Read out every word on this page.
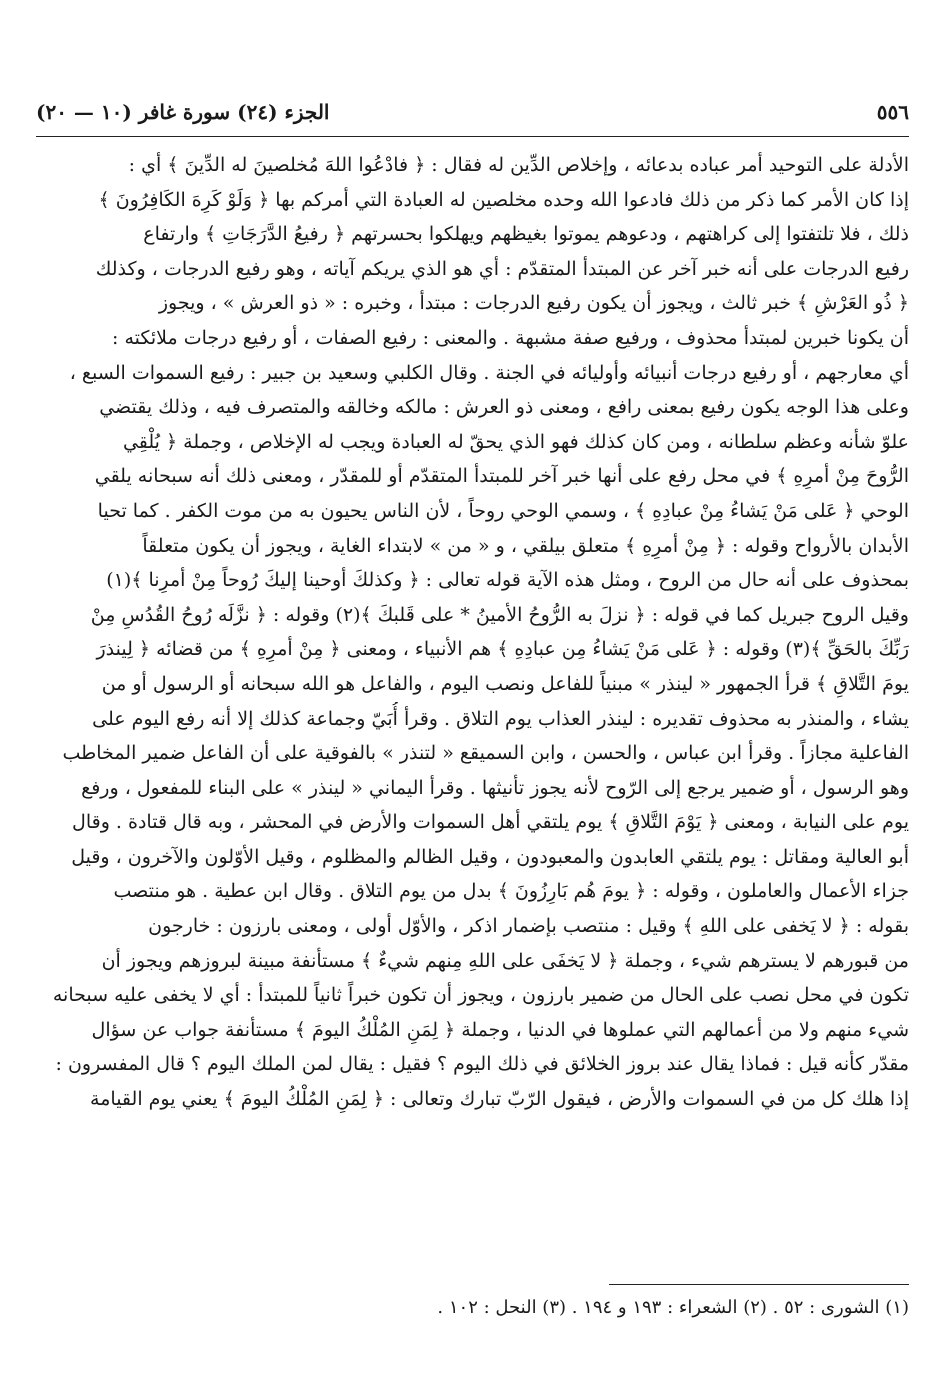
٥٥٦
الجزء (٢٤) سورة غافر (١٠ — ٢٠)
الأدلة على التوحيد أمر عباده بدعائه ، وإخلاص الدِّين له فقال : ﴿ فادْعُوا اللهَ مُخلصينَ له الدِّينَ ﴾ أي :
إذا كان الأمر كما ذكر من ذلك فادعوا الله وحده مخلصين له العبادة التي أمركم بها ﴿ وَلَوْ كَرِهَ الكَافِرُونَ ﴾
ذلك ، فلا تلتفتوا إلى كراهتهم ، ودعوهم يموتوا بغيظهم ويهلكوا بحسرتهم ﴿ رفيعُ الدَّرَجَاتِ ﴾ وارتفاع
رفيع الدرجات على أنه خبر آخر عن المبتدأ المتقدّم : أي هو الذي يريكم آياته ، وهو رفيع الدرجات ، وكذلك
﴿ ذُو العَرْشِ ﴾ خبر ثالث ، ويجوز أن يكون رفيع الدرجات : مبتدأ ، وخبره : « ذو العرش » ، ويجوز
أن يكونا خبرين لمبتدأ محذوف ، ورفيع صفة مشبهة . والمعنى : رفيع الصفات ، أو رفيع درجات ملائكته :
أي معارجهم ، أو رفيع درجات أنبيائه وأوليائه في الجنة . وقال الكلبي وسعيد بن جبير : رفيع السموات السبع ،
وعلى هذا الوجه يكون رفيع بمعنى رافع ، ومعنى ذو العرش : مالكه وخالقه والمتصرف فيه ، وذلك يقتضي
علوّ شأنه وعظم سلطانه ، ومن كان كذلك فهو الذي يحقّ له العبادة ويجب له الإخلاص ، وجملة ﴿ يُلْقِي
الرُّوحَ مِنْ أمرِهِ ﴾ في محل رفع على أنها خبر آخر للمبتدأ المتقدّم أو للمقدّر ، ومعنى ذلك أنه سبحانه يلقي
الوحي ﴿ عَلى مَنْ يَشاءُ مِنْ عبادِهِ ﴾ ، وسمي الوحي روحاً ، لأن الناس يحيون به من موت الكفر . كما تحيا
الأبدان بالأرواح وقوله : ﴿ مِنْ أمرِهِ ﴾ متعلق بيلقي ، و « من » لابتداء الغاية ، ويجوز أن يكون متعلقاً
بمحذوف على أنه حال من الروح ، ومثل هذه الآية قوله تعالى : ﴿ وكذلكَ أوحينا إليكَ رُوحاً مِنْ أمرِنا ﴾(١)
وقيل الروح جبريل كما في قوله : ﴿ نزلَ به الرُّوحُ الأمينُ * على قَلبكَ ﴾(٢) وقوله : ﴿ نزَّلَه رُوحُ القُدُسِ مِنْ
رَبِّكَ بالحَقِّ ﴾(٣) وقوله : ﴿ عَلى مَنْ يَشاءُ مِن عبادِهِ ﴾ هم الأنبياء ، ومعنى ﴿ مِنْ أمرِهِ ﴾ من قضائه ﴿ لِينذرَ
يومَ التَّلاقِ ﴾ قرأ الجمهور « لينذر » مبنياً للفاعل ونصب اليوم ، والفاعل هو الله سبحانه أو الرسول أو من
يشاء ، والمنذر به محذوف تقديره : لينذر العذاب يوم التلاق . وقرأ أُبَيّ وجماعة كذلك إلا أنه رفع اليوم على
الفاعلية مجازاً . وقرأ ابن عباس ، والحسن ، وابن السميقع « لتنذر » بالفوقية على أن الفاعل ضمير المخاطب
وهو الرسول ، أو ضمير يرجع إلى الرّوح لأنه يجوز تأنيثها . وقرأ اليماني « لينذر » على البناء للمفعول ، ورفع
يوم على النيابة ، ومعنى ﴿ يَوْمَ التَّلاقِ ﴾ يوم يلتقي أهل السموات والأرض في المحشر ، وبه قال قتادة . وقال
أبو العالية ومقاتل : يوم يلتقي العابدون والمعبودون ، وقيل الظالم والمظلوم ، وقيل الأوّلون والآخرون ، وقيل
جزاء الأعمال والعاملون ، وقوله : ﴿ يومَ هُم بَارِزُونَ ﴾ بدل من يوم التلاق . وقال ابن عطية . هو منتصب
بقوله : ﴿ لا يَخفى على اللهِ ﴾ وقيل : منتصب بإضمار اذكر ، والأوّل أولى ، ومعنى بارزون : خارجون
من قبورهم لا يسترهم شيء ، وجملة ﴿ لا يَخفَى على اللهِ مِنهم شيءٌ ﴾ مستأنفة مبينة لبروزهم ويجوز أن
تكون في محل نصب على الحال من ضمير بارزون ، ويجوز أن تكون خبراً ثانياً للمبتدأ : أي لا يخفى عليه سبحانه
شيء منهم ولا من أعمالهم التي عملوها في الدنيا ، وجملة ﴿ لِمَنِ المُلْكُ اليومَ ﴾ مستأنفة جواب عن سؤال
مقدّر كأنه قيل : فماذا يقال عند بروز الخلائق في ذلك اليوم ؟ فقيل : يقال لمن الملك اليوم ؟ قال المفسرون :
إذا هلك كل من في السموات والأرض ، فيقول الرّبّ تبارك وتعالى : ﴿ لِمَنِ المُلْكُ اليومَ ﴾ يعني يوم القيامة
(١) الشورى : ٥٢ . (٢) الشعراء : ١٩٣ و ١٩٤ . (٣) النحل : ١٠٢ .
